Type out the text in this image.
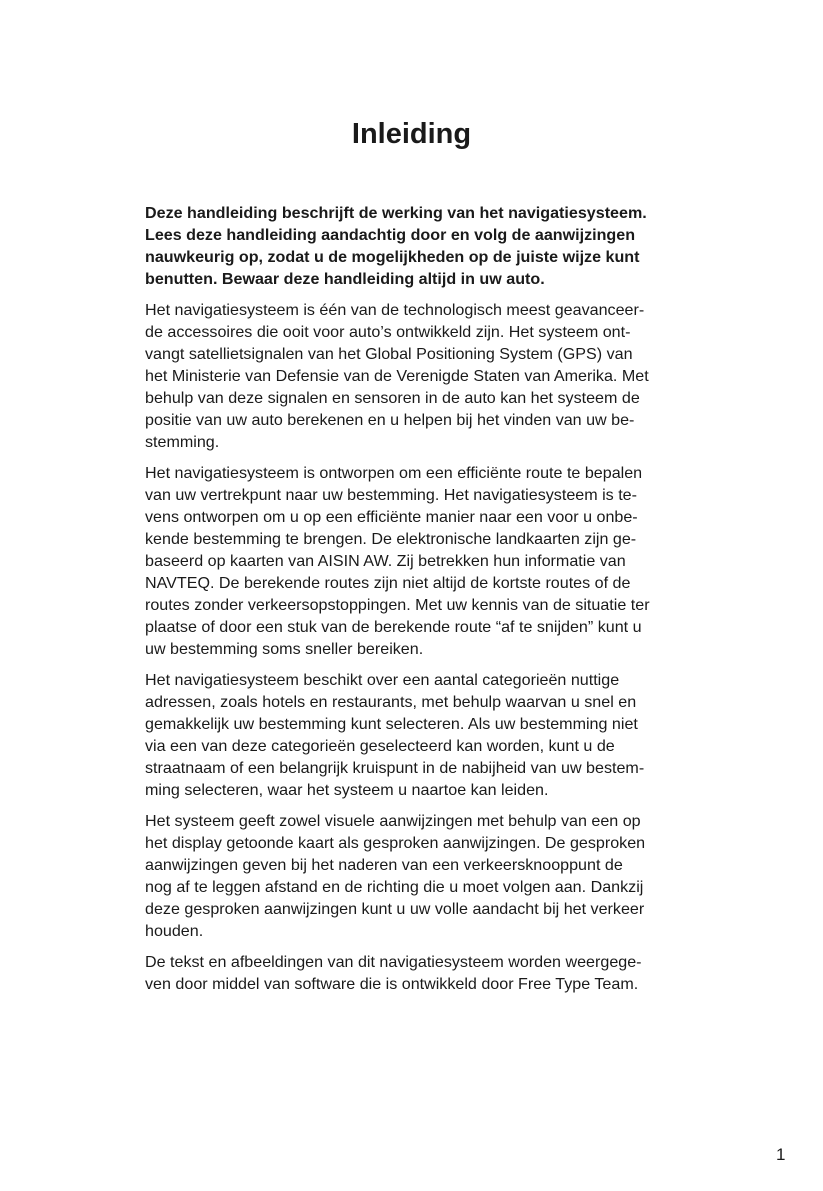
Inleiding

Deze handleiding beschrijft de werking van het navigatiesysteem.
Lees deze handleiding aandachtig door en volg de aanwijzingen
nauwkeurig op, zodat u de mogelijkheden op de juiste wijze kunt
benutten. Bewaar deze handleiding altijd in uw auto.

Het navigatiesysteem is één van de technologisch meest geavanceer-
de accessoires die ooit voor auto’s ontwikkeld zijn. Het systeem ont-
vangt satellietsignalen van het Global Positioning System (GPS) van
het Ministerie van Defensie van de Verenigde Staten van Amerika. Met
behulp van deze signalen en sensoren in de auto kan het systeem de
positie van uw auto berekenen en u helpen bij het vinden van uw be-
stemming.

Het navigatiesysteem is ontworpen om een efficiënte route te bepalen
van uw vertrekpunt naar uw bestemming. Het navigatiesysteem is te-
vens ontworpen om u op een efficiënte manier naar een voor u onbe-
kende bestemming te brengen. De elektronische landkaarten zijn ge-
baseerd op kaarten van AISIN AW. Zij betrekken hun informatie van
NAVTEQ. De berekende routes zijn niet altijd de kortste routes of de
routes zonder verkeersopstoppingen. Met uw kennis van de situatie ter
plaatse of door een stuk van de berekende route “af te snijden” kunt u
uw bestemming soms sneller bereiken.

Het navigatiesysteem beschikt over een aantal categorieën nuttige
adressen, zoals hotels en restaurants, met behulp waarvan u snel en
gemakkelijk uw bestemming kunt selecteren. Als uw bestemming niet
via een van deze categorieën geselecteerd kan worden, kunt u de
straatnaam of een belangrijk kruispunt in de nabijheid van uw bestem-
ming selecteren, waar het systeem u naartoe kan leiden.

Het systeem geeft zowel visuele aanwijzingen met behulp van een op
het display getoonde kaart als gesproken aanwijzingen. De gesproken
aanwijzingen geven bij het naderen van een verkeersknooppunt de
nog af te leggen afstand en de richting die u moet volgen aan. Dankzij
deze gesproken aanwijzingen kunt u uw volle aandacht bij het verkeer
houden.

De tekst en afbeeldingen van dit navigatiesysteem worden weergege-
ven door middel van software die is ontwikkeld door Free Type Team.

1
